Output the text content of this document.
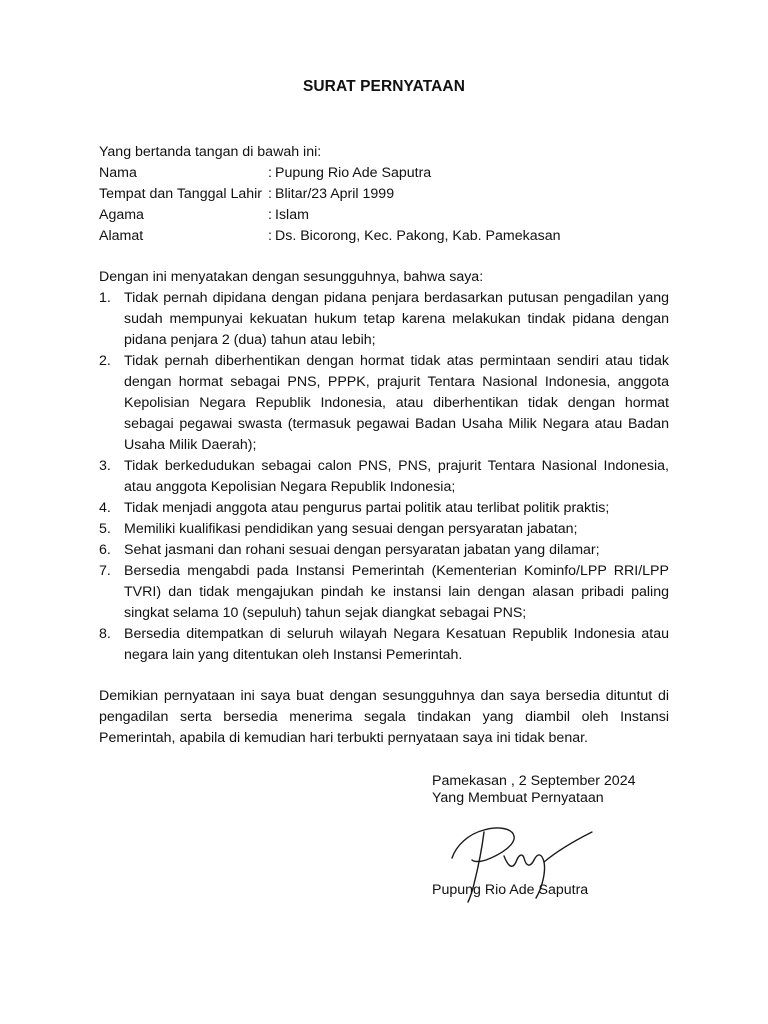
SURAT PERNYATAAN
Yang bertanda tangan di bawah ini:
Nama	: Pupung Rio Ade Saputra
Tempat dan Tanggal Lahir : Blitar/23 April 1999
Agama	: Islam
Alamat	: Ds. Bicorong, Kec. Pakong, Kab. Pamekasan
Dengan ini menyatakan dengan sesungguhnya, bahwa saya:
1. Tidak pernah dipidana dengan pidana penjara berdasarkan putusan pengadilan yang sudah mempunyai kekuatan hukum tetap karena melakukan tindak pidana dengan pidana penjara 2 (dua) tahun atau lebih;
2. Tidak pernah diberhentikan dengan hormat tidak atas permintaan sendiri atau tidak dengan hormat sebagai PNS, PPPK, prajurit Tentara Nasional Indonesia, anggota Kepolisian Negara Republik Indonesia, atau diberhentikan tidak dengan hormat sebagai pegawai swasta (termasuk pegawai Badan Usaha Milik Negara atau Badan Usaha Milik Daerah);
3. Tidak berkedudukan sebagai calon PNS, PNS, prajurit Tentara Nasional Indonesia, atau anggota Kepolisian Negara Republik Indonesia;
4. Tidak menjadi anggota atau pengurus partai politik atau terlibat politik praktis;
5. Memiliki kualifikasi pendidikan yang sesuai dengan persyaratan jabatan;
6. Sehat jasmani dan rohani sesuai dengan persyaratan jabatan yang dilamar;
7. Bersedia mengabdi pada Instansi Pemerintah (Kementerian Kominfo/LPP RRI/LPP TVRI) dan tidak mengajukan pindah ke instansi lain dengan alasan pribadi paling singkat selama 10 (sepuluh) tahun sejak diangkat sebagai PNS;
8. Bersedia ditempatkan di seluruh wilayah Negara Kesatuan Republik Indonesia atau negara lain yang ditentukan oleh Instansi Pemerintah.
Demikian pernyataan ini saya buat dengan sesungguhnya dan saya bersedia dituntut di pengadilan serta bersedia menerima segala tindakan yang diambil oleh Instansi Pemerintah, apabila di kemudian hari terbukti pernyataan saya ini tidak benar.
Pamekasan , 2 September 2024
Yang Membuat Pernyataan
Pupung Rio Ade Saputra
